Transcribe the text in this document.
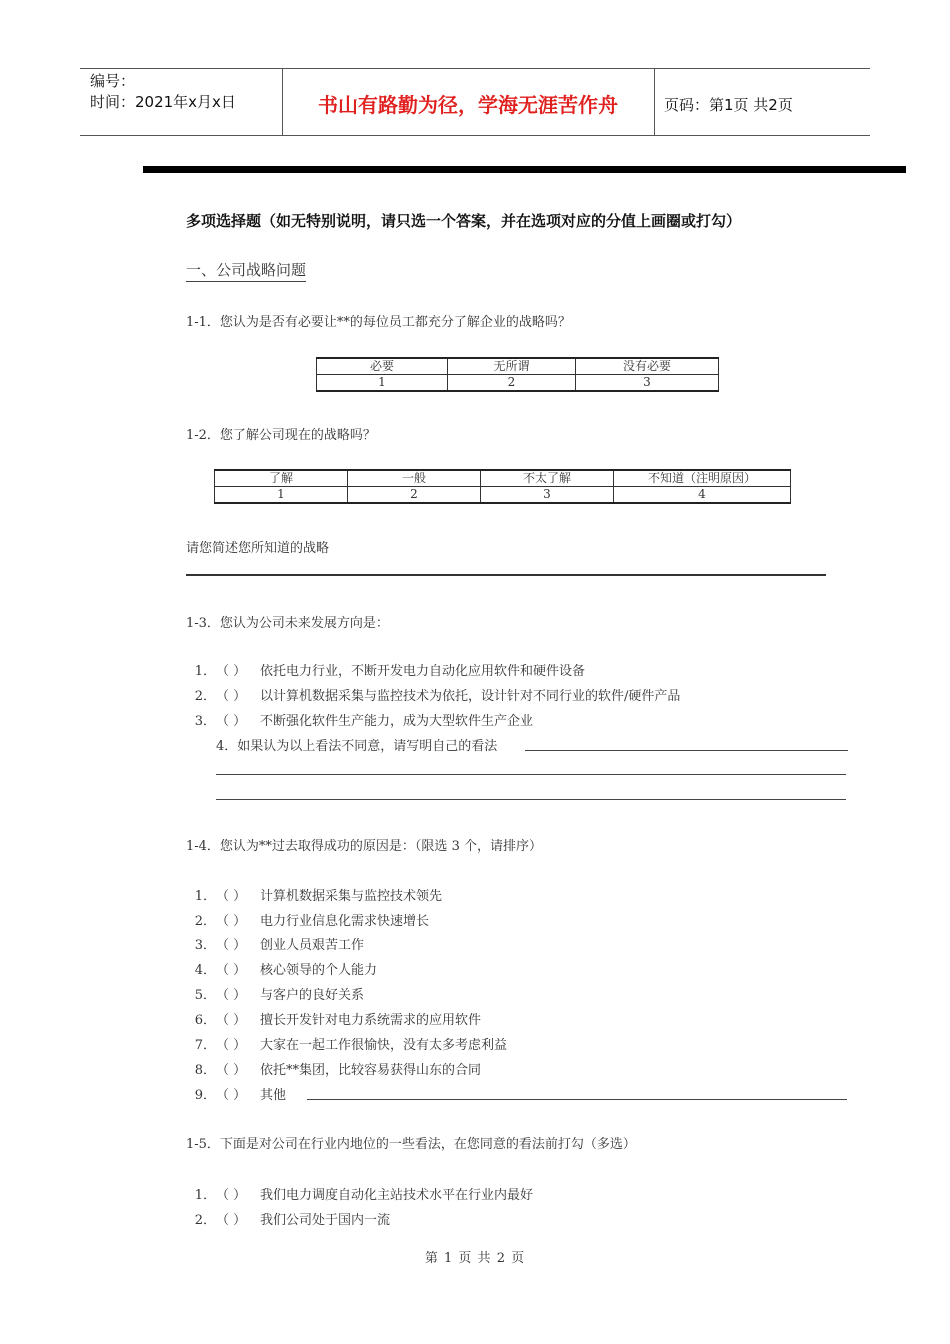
编号：
时间：2021年x月x日	书山有路勤为径，学海无涯苦作舟	页码：第1页 共2页
多项选择题（如无特别说明，请只选一个答案，并在选项对应的分值上画圈或打勾）
一、公司战略问题
1-1．您认为是否有必要让**的每位员工都充分了解企业的战略吗？
必要	无所谓	没有必要
1	2	3
1-2．您了解公司现在的战略吗？
了解	一般	不太了解	不知道（注明原因）
1	2	3	4
请您简述您所知道的战略
1-3．您认为公司未来发展方向是：
1．（ ） 依托电力行业，不断开发电力自动化应用软件和硬件设备
2．（ ） 以计算机数据采集与监控技术为依托，设计针对不同行业的软件/硬件产品
3．（ ） 不断强化软件生产能力，成为大型软件生产企业
4．如果认为以上看法不同意，请写明自己的看法
1-4．您认为**过去取得成功的原因是：（限选 3 个，请排序）
1．（ ） 计算机数据采集与监控技术领先
2．（ ） 电力行业信息化需求快速增长
3．（ ） 创业人员艰苦工作
4．（ ） 核心领导的个人能力
5．（ ） 与客户的良好关系
6．（ ） 擅长开发针对电力系统需求的应用软件
7．（ ） 大家在一起工作很愉快，没有太多考虑利益
8．（ ） 依托**集团，比较容易获得山东的合同
9．（ ） 其他
1-5．下面是对公司在行业内地位的一些看法，在您同意的看法前打勾（多选）
1．（ ） 我们电力调度自动化主站技术水平在行业内最好
2．（ ） 我们公司处于国内一流
第 1 页 共 2 页
